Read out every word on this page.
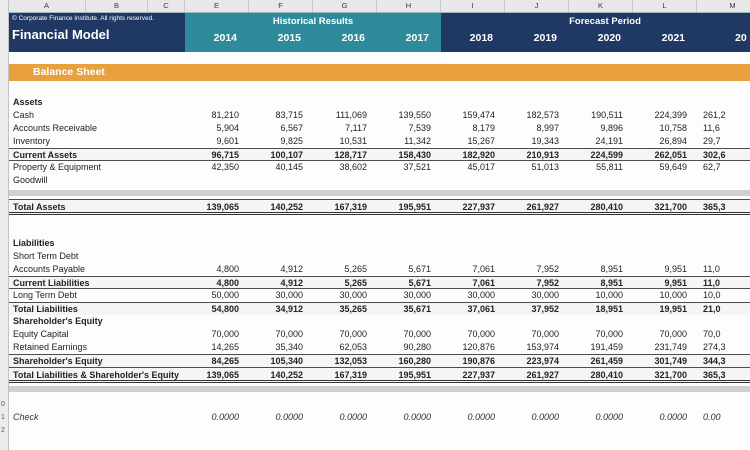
0
1
2
A	B	C	E	F	G	H	I	J	K	L	M
© Corporate Finance Institute. All rights reserved.
Financial Model
Historical Results
2014	2015	2016	2017
Forecast Period
2018	2019	2020	2021	20
Balance Sheet
Assets
Cash	81,210	83,715	111,069	139,550	159,474	182,573	190,511	224,399	261,2
Accounts Receivable	5,904	6,567	7,117	7,539	8,179	8,997	9,896	10,758	11,6
Inventory	9,601	9,825	10,531	11,342	15,267	19,343	24,191	26,894	29,7
Current Assets	96,715	100,107	128,717	158,430	182,920	210,913	224,599	262,051	302,6
Property & Equipment	42,350	40,145	38,602	37,521	45,017	51,013	55,811	59,649	62,7
Goodwill
Total Assets	139,065	140,252	167,319	195,951	227,937	261,927	280,410	321,700	365,3
Liabilities
Short Term Debt
Accounts Payable	4,800	4,912	5,265	5,671	7,061	7,952	8,951	9,951	11,0
Current Liabilities	4,800	4,912	5,265	5,671	7,061	7,952	8,951	9,951	11,0
Long Term Debt	50,000	30,000	30,000	30,000	30,000	30,000	10,000	10,000	10,0
Total Liabilities	54,800	34,912	35,265	35,671	37,061	37,952	18,951	19,951	21,0
Shareholder's Equity
Equity Capital	70,000	70,000	70,000	70,000	70,000	70,000	70,000	70,000	70,0
Retained Earnings	14,265	35,340	62,053	90,280	120,876	153,974	191,459	231,749	274,3
Shareholder's Equity	84,265	105,340	132,053	160,280	190,876	223,974	261,459	301,749	344,3
Total Liabilities & Shareholder's Equity	139,065	140,252	167,319	195,951	227,937	261,927	280,410	321,700	365,3
Check	0.0000	0.0000	0.0000	0.0000	0.0000	0.0000	0.0000	0.0000	0.00
